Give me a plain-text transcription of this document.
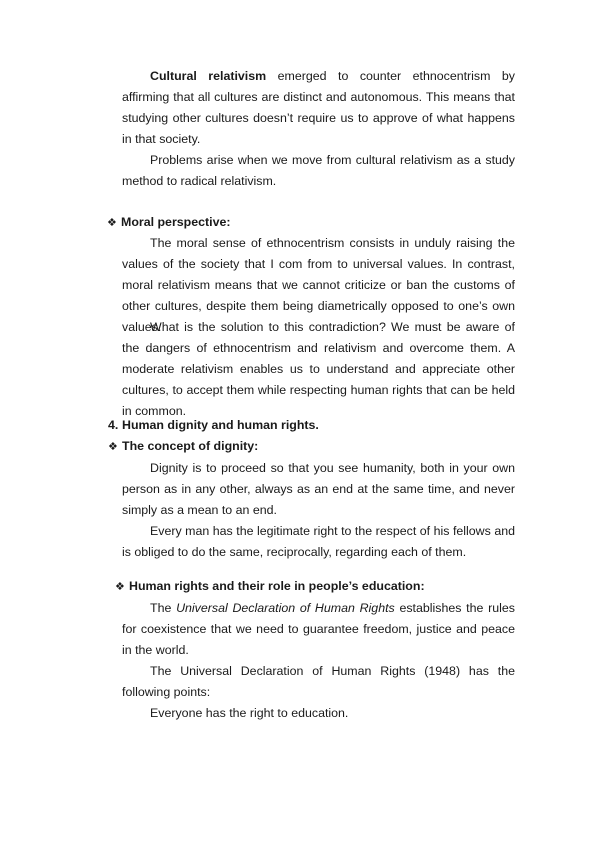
Cultural relativism emerged to counter ethnocentrism by affirming that all cultures are distinct and autonomous. This means that studying other cultures doesn’t require us to approve of what happens in that society.

Problems arise when we move from cultural relativism as a study method to radical relativism.

❖ Moral perspective:

The moral sense of ethnocentrism consists in unduly raising the values of the society that I com from to universal values. In contrast, moral relativism means that we cannot criticize or ban the customs of other cultures, despite them being diametrically opposed to one’s own values.

What is the solution to this contradiction? We must be aware of the dangers of ethnocentrism and relativism and overcome them. A moderate relativism enables us to understand and appreciate other cultures, to accept them while respecting human rights that can be held in common.

4. Human dignity and human rights.
❖ The concept of dignity:

Dignity is to proceed so that you see humanity, both in your own person as in any other, always as an end at the same time, and never simply as a mean to an end.

Every man has the legitimate right to the respect of his fellows and is obliged to do the same, reciprocally, regarding each of them.

❖ Human rights and their role in people’s education:

The Universal Declaration of Human Rights establishes the rules for coexistence that we need to guarantee freedom, justice and peace in the world.

The Universal Declaration of Human Rights (1948) has the following points:

Everyone has the right to education.
